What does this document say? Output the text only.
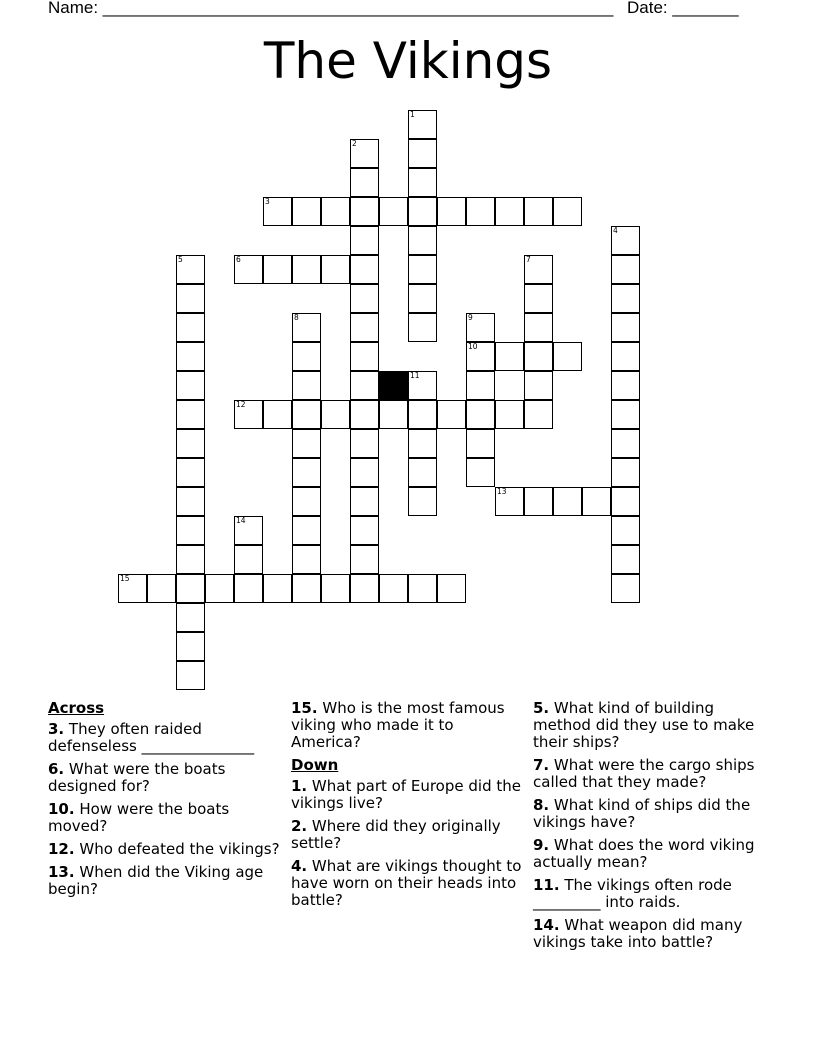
Name: ______________________________________________________ Date: _______
The Vikings
1
2
3
4
5	6	7
8	9
10
11
12
13
14
15
Across
3. They often raided defenseless _______________
6. What were the boats designed for?
10. How were the boats moved?
12. Who defeated the vikings?
13. When did the Viking age begin?
15. Who is the most famous viking who made it to America?
Down
1. What part of Europe did the vikings live?
2. Where did they originally settle?
4. What are vikings thought to have worn on their heads into battle?
5. What kind of building method did they use to make their ships?
7. What were the cargo ships called that they made?
8. What kind of ships did the vikings have?
9. What does the word viking actually mean?
11. The vikings often rode _________ into raids.
14. What weapon did many vikings take into battle?
